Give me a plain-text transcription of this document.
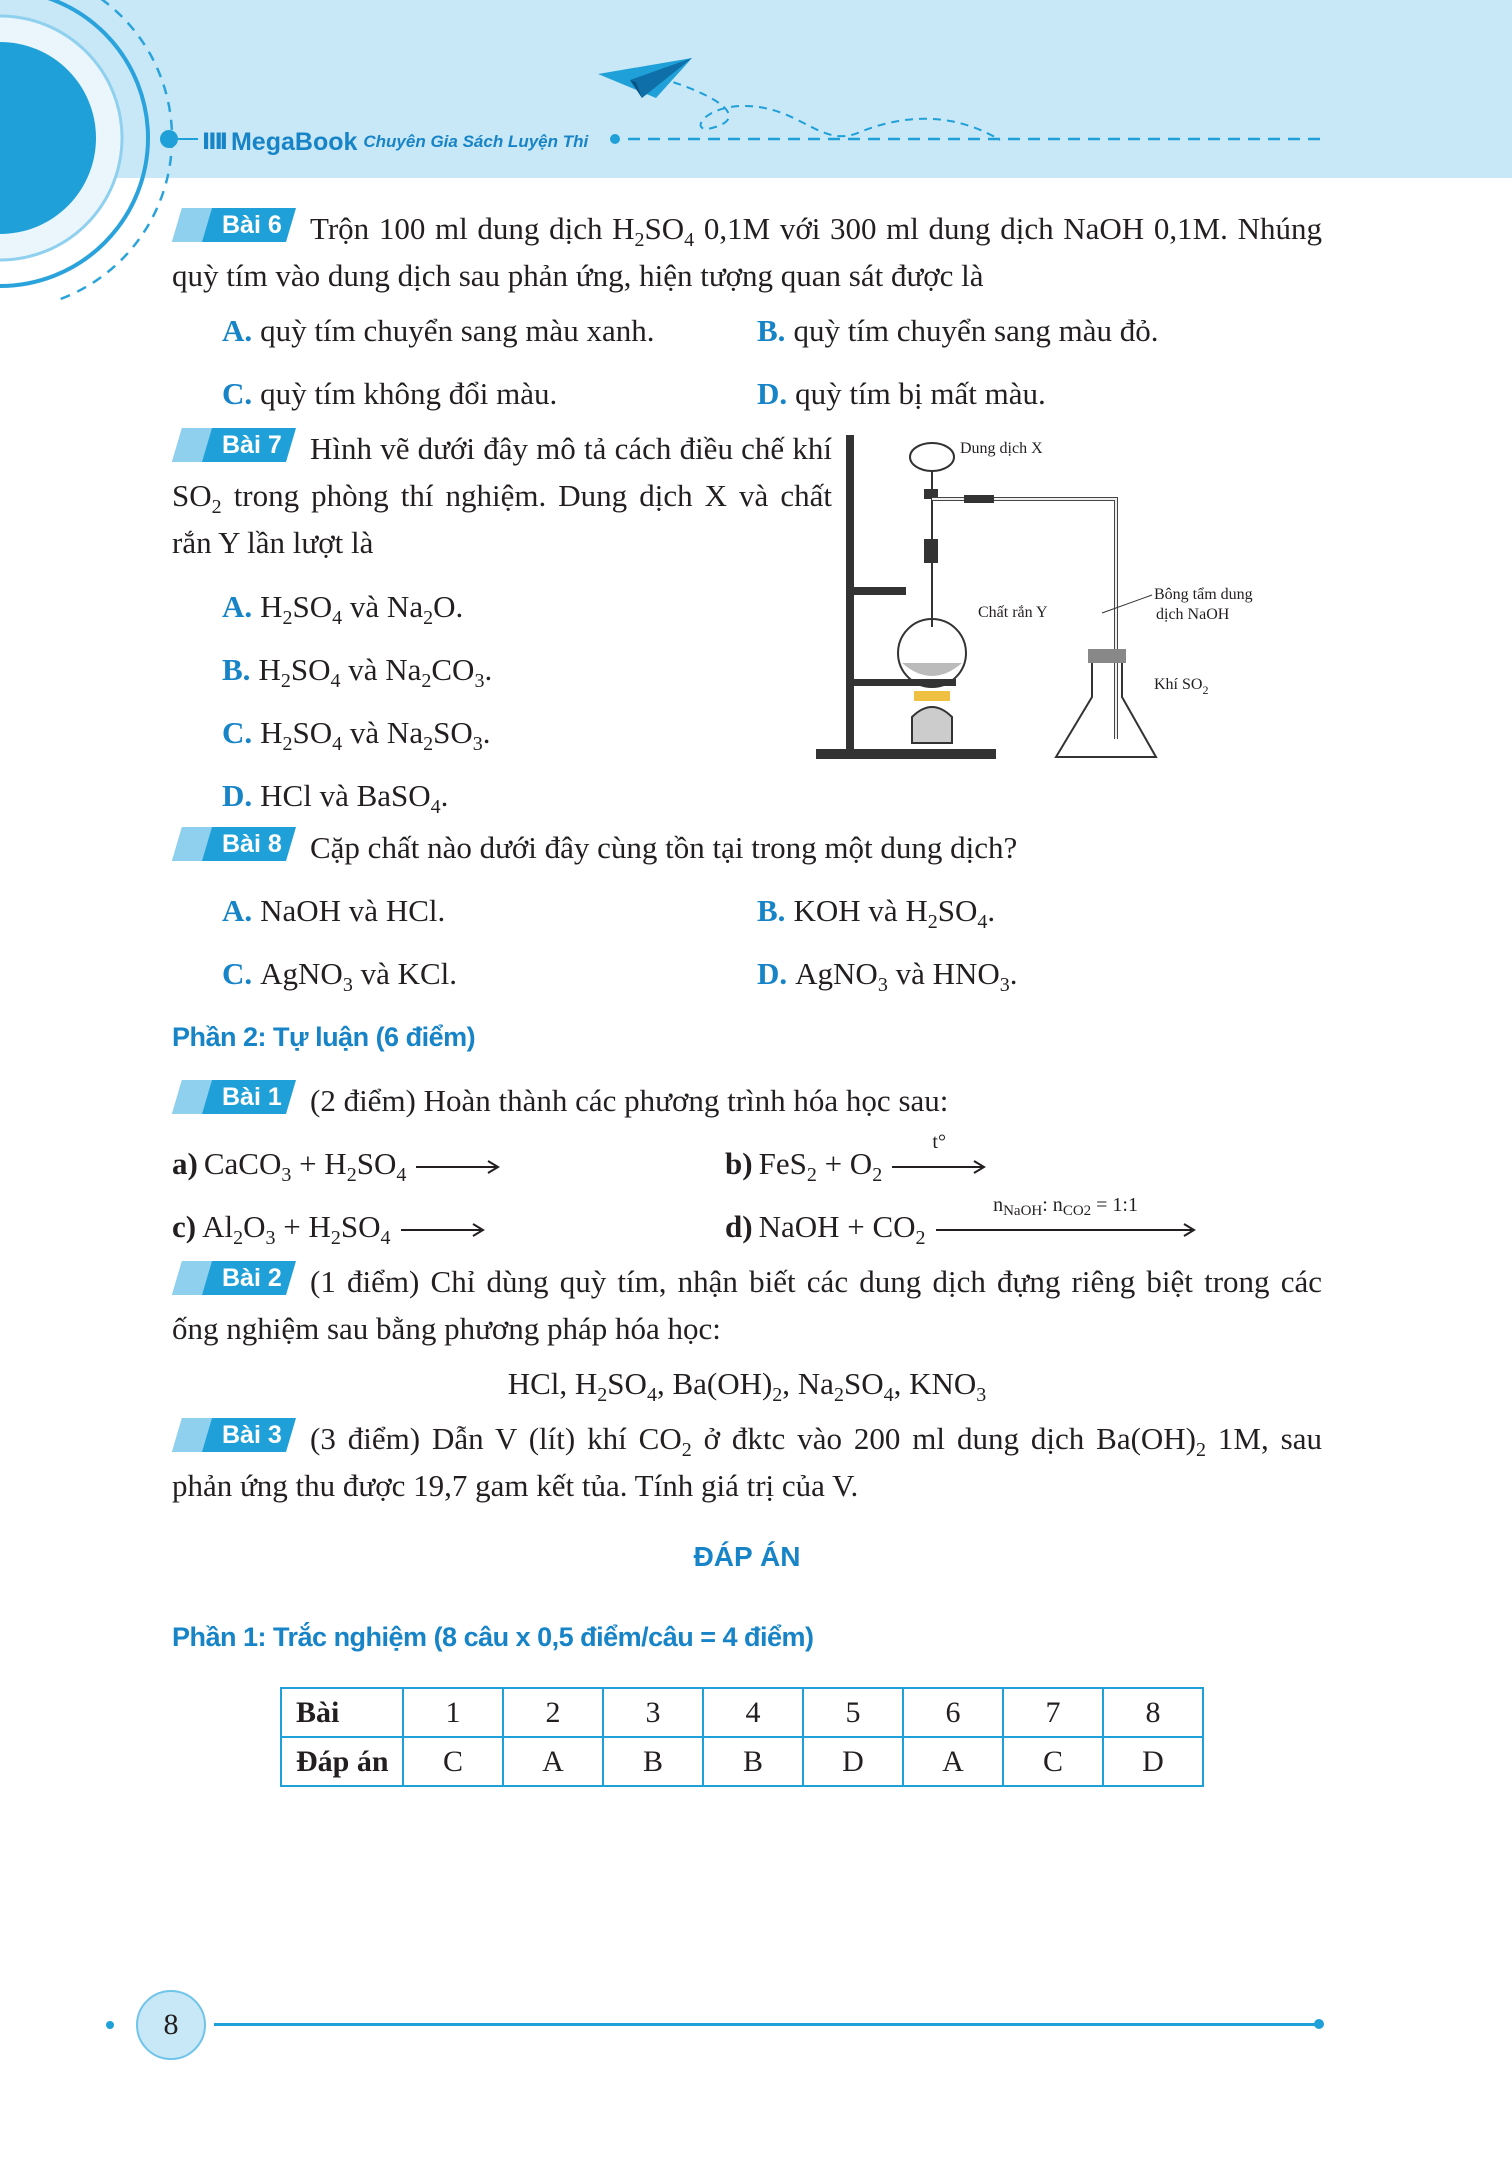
ⅢⅠ MegaBook Chuyên Gia Sách Luyện Thi
Bài 6 Trộn 100 ml dung dịch $H_2SO_4$ 0,1M với 300 ml dung dịch NaOH 0,1M. Nhúng quỳ tím vào dung dịch sau phản ứng, hiện tượng quan sát được là
A. quỳ tím chuyển sang màu xanh.	B. quỳ tím chuyển sang màu đỏ.
C. quỳ tím không đổi màu.	D. quỳ tím bị mất màu.
Bài 7 Hình vẽ dưới đây mô tả cách điều chế khí $SO_2$ trong phòng thí nghiệm. Dung dịch X và chất rắn Y lần lượt là
A. $H_2SO_4$ và $Na_2O$.
B. $H_2SO_4$ và $Na_2CO_3$.
C. $H_2SO_4$ và $Na_2SO_3$.
D. HCl và BaSO$_4$.
Dung dịch X
Chất rắn Y
Bông tẩm dung
dịch NaOH
Khí $SO_2$
Bài 8 Cặp chất nào dưới đây cùng tồn tại trong một dung dịch?
A. NaOH và HCl.	B. KOH và $H_2SO_4$.
C. AgNO$_3$ và KCl.	D. AgNO$_3$ và $HNO_3$.
Phần 2: Tự luận (6 điểm)
Bài 1 (2 điểm) Hoàn thành các phương trình hóa học sau:
a) CaCO$_3$ + $H_2SO_4$ →	b) $FeS_2 + O_2$
t°
c) $Al_2O_3 + H_2SO_4$ →	d) NaOH + $CO_2$
$n_{NaOH}$: $n_{CO2}$ = 1:1
Bài 2 (1 điểm) Chỉ dùng quỳ tím, nhận biết các dung dịch đựng riêng biệt trong các ống nghiệm sau bằng phương pháp hóa học:
HCl, $H_2SO_4$, $Ba(OH)_2$, $Na_2SO_4$, $KNO_3$
Bài 3 (3 điểm) Dẫn V (lít) khí $CO_2$ ở đktc vào 200 ml dung dịch $Ba(OH)_2$ 1M, sau phản ứng thu được 19,7 gam kết tủa. Tính giá trị của V.
ĐÁP ÁN
Phần 1: Trắc nghiệm (8 câu x 0,5 điểm/câu = 4 điểm)
Bài	1	2	3	4	5	6	7	8
Đáp án	C	A	B	B	D	A	C	D
8
